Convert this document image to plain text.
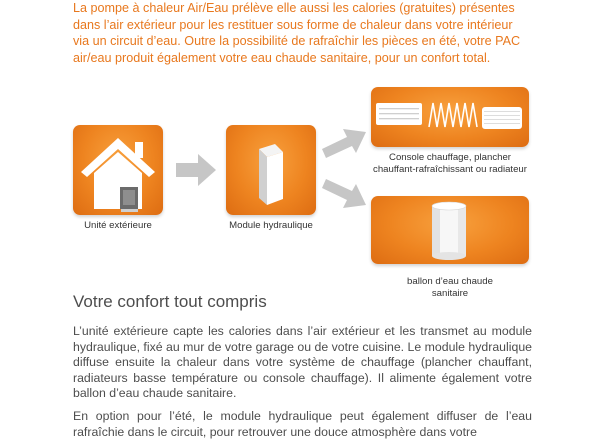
La pompe à chaleur Air/Eau prélève elle aussi les calories (gratuites) présentes dans l’air extérieur pour les restituer sous forme de chaleur dans votre intérieur via un circuit d’eau. Outre la possibilité de rafraîchir les pièces en été, votre PAC air/eau produit également votre eau chaude sanitaire, pour un confort total.

Unité extérieure	Module hydraulique

Console chauffage, plancher chauffant-rafraîchissant ou radiateur

ballon d’eau chaude sanitaire

Votre confort tout compris

L’unité extérieure capte les calories dans l’air extérieur et les transmet au module hydraulique, fixé au mur de votre garage ou de votre cuisine. Le module hydraulique diffuse ensuite la chaleur dans votre système de chauffage (plancher chauffant, radiateurs basse température ou console chauffage). Il alimente également votre ballon d’eau chaude sanitaire.

En option pour l’été, le module hydraulique peut également diffuser de l’eau rafraîchie dans le circuit, pour retrouver une douce atmosphère dans votre
